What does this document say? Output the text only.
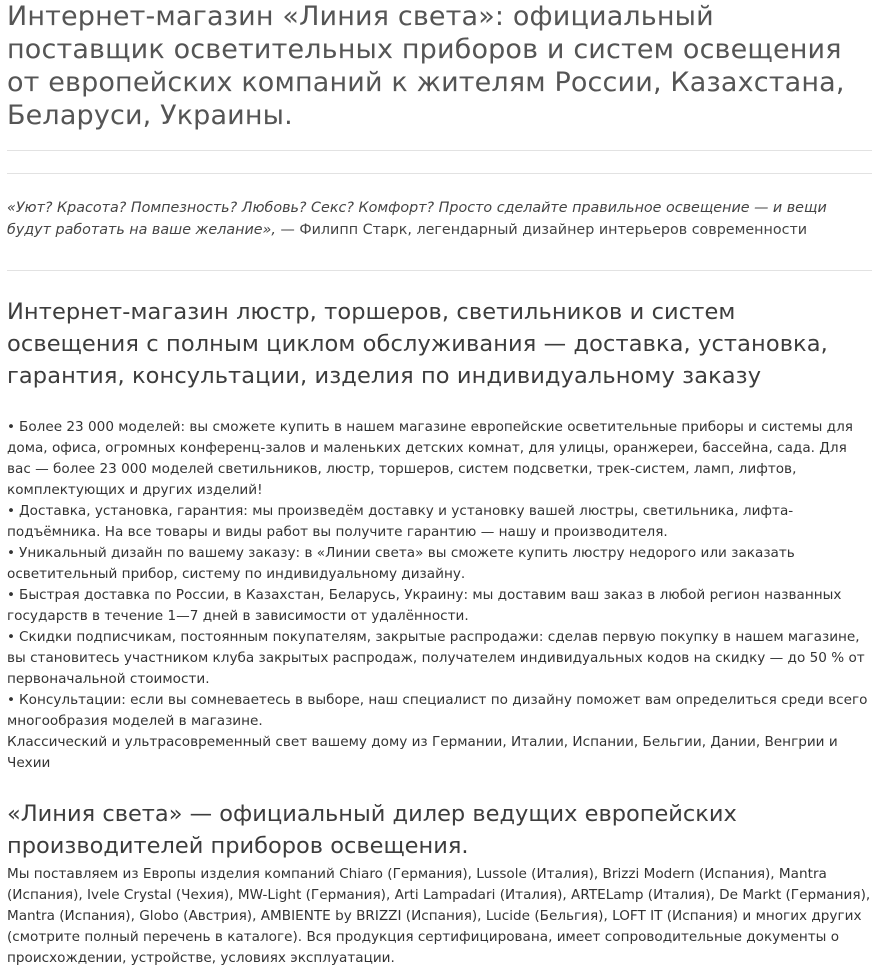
Интернет-магазин «Линия света»: официальный поставщик осветительных приборов и систем освещения от европейских компаний к жителям России, Казахстана, Беларуси, Украины.

«Уют? Красота? Помпезность? Любовь? Секс? Комфорт? Просто сделайте правильное освещение — и вещи будут работать на ваше желание», — Филипп Старк, легендарный дизайнер интерьеров современности

Интернет-магазин люстр, торшеров, светильников и систем освещения с полным циклом обслуживания — доставка, установка, гарантия, консультации, изделия по индивидуальному заказу
• Более 23 000 моделей: вы сможете купить в нашем магазине европейские осветительные приборы и системы для дома, офиса, огромных конференц-залов и маленьких детских комнат, для улицы, оранжереи, бассейна, сада. Для вас — более 23 000 моделей светильников, люстр, торшеров, систем подсветки, трек-систем, ламп, лифтов, комплектующих и других изделий!
• Доставка, установка, гарантия: мы произведём доставку и установку вашей люстры, светильника, лифта-подъёмника. На все товары и виды работ вы получите гарантию — нашу и производителя.
• Уникальный дизайн по вашему заказу: в «Линии света» вы сможете купить люстру недорого или заказать осветительный прибор, систему по индивидуальному дизайну.
• Быстрая доставка по России, в Казахстан, Беларусь, Украину: мы доставим ваш заказ в любой регион названных государств в течение 1—7 дней в зависимости от удалённости.
• Скидки подписчикам, постоянным покупателям, закрытые распродажи: сделав первую покупку в нашем магазине, вы становитесь участником клуба закрытых распродаж, получателем индивидуальных кодов на скидку — до 50 % от первоначальной стоимости.
• Консультации: если вы сомневаетесь в выборе, наш специалист по дизайну поможет вам определиться среди всего многообразия моделей в магазине.

Классический и ультрасовременный свет вашему дому из Германии, Италии, Испании, Бельгии, Дании, Венгрии и Чехии

«Линия света» — официальный дилер ведущих европейских производителей приборов освещения.

Мы поставляем из Европы изделия компаний Chiaro (Германия), Lussole (Италия), Brizzi Modern (Испания), Mantra (Испания), Ivele Crystal (Чехия), MW-Light (Германия), Arti Lampadari (Италия), ARTELamp (Италия), De Markt (Германия), Mantra (Испания), Globo (Австрия), AMBIENTE by BRIZZI (Испания), Lucide (Бельгия), LOFT IT (Испания) и многих других (смотрите полный перечень в каталоге). Вся продукция сертифицирована, имеет сопроводительные документы о происхождении, устройстве, условиях эксплуатации.
